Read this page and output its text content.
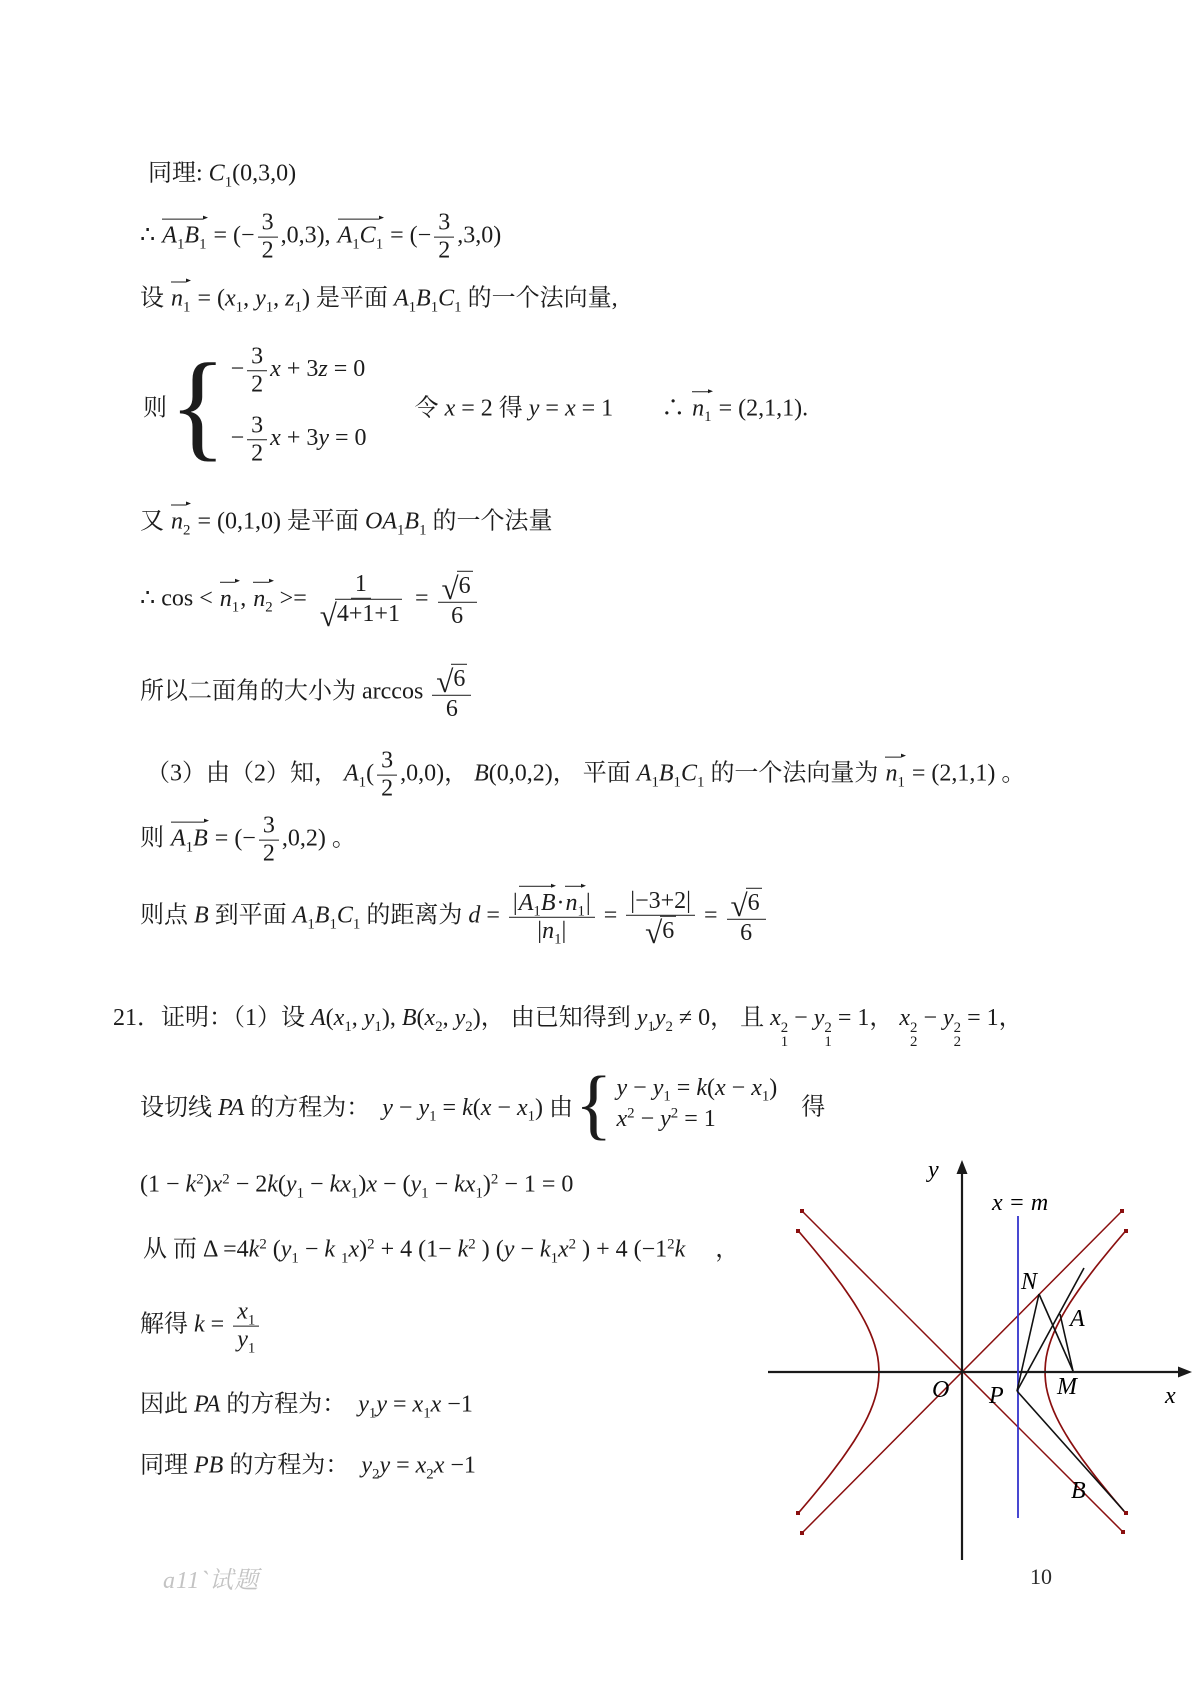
同理: $C_1(0,3,0)$
∴ $A_1B_1$ = (− $\frac{3}{2} ,0,3$), $A_1C_1$ = (− $\frac{3}{2} ,3,0$)
设 $n_1 = (x_1$, $y_1$, $z_1$) 是平面 $A_1B_1C_1$ 的一个法向量,
则{ − $\frac{3}{2}$ x + 3z = 0
− $\frac{3}{2}$ x + 3y = 0
　　令 x = 2 得 y = x = 1　　∴ $n_1 = (2,1,1)$.
又 $n_2 = (0,1,0)$ 是平面 $OA_1B_1$ 的一个法量
∴ $\cos < n_1$, $n_2 >= \frac{1}{√4+1+1} = \frac{√6}{6}$
所以二面角的大小为 $\arccos \frac{√6}{6}$
（3）由（2）知， $A_1( \frac{3}{2} ,0,0)$， B(0,0,2)， 平面 $A_1B_1C_1$ 的一个法向量为 $n_1 = (2,1,1)$ 。
则 $A_1B$ = (− $\frac{3}{2} ,0,2$) 。
则点 B 到平面 $A_1B_1C_1$ 的距离为 $d = \frac{|A_1B\cdot n_1|}{|n_1|} = \frac{|-3+2|}{√6} = \frac{√6}{6}$
21．证明：（1）设 $A(x_1$, $y_1$), $B(x_2$, $y_2$)， 由已知得到 $y_1y_2 \ne 0$， 且 x 2
1
− y 2
1
= 1， x 2
2
− y 2
2
= 1，
设切线 PA 的方程为：　$y - y_1 = k(x - x_1)$ 由{ $y - y_1 = k(x - x_1)$
$x^2 - y^2 = 1$	　得
$(1 - k^2)x^2 - 2k(y_1 - kx_1)x - (y_1 - kx_1)^2 - 1 = 0$
从 而 $\Delta =4k^2$ ($y_1 - k$ $_1$x)$^2$ + 4 ($1- k^2$ ) ($y - k_1x^2$ ) + 4 ($-1^2k$　 ，
解得 $k = \frac{x_1}{y_1}$
因此 PA 的方程为：　$y_1y = x_1x -1$
同理 PB 的方程为：　$y_2y = x_2x -1$
y
x
O
x = m
N
A
P M
B
a11`试题	10
